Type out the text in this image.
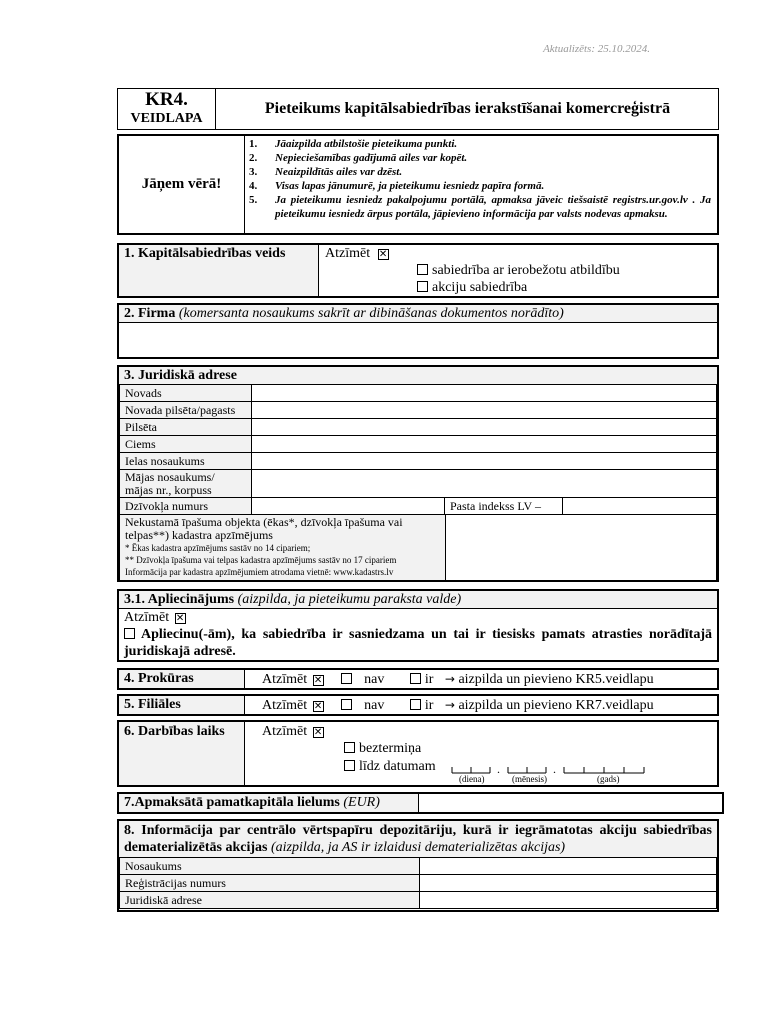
Aktualizēts: 25.10.2024.
KR4.
VEIDLAPA
Pieteikums kapitālsabiedrības ierakstīšanai komercreģistrā
Jāņem vērā!
1.	Jāaizpilda atbilstošie pieteikuma punkti.
2.	Nepieciešamības gadījumā ailes var kopēt.
3.	Neaizpildītās ailes var dzēst.
4.	Visas lapas jānumurē, ja pieteikumu iesniedz papīra formā.
5.	Ja pieteikumu iesniedz pakalpojumu portālā, apmaksa jāveic tiešsaistē registrs.ur.gov.lv . Ja pieteikumu iesniedz ārpus portāla, jāpievieno informācija par valsts nodevas apmaksu.
1. Kapitālsabiedrības veids	Atzīmēt ✕
sabiedrība ar ierobežotu atbildību
akciju sabiedrība
2. Firma (komersanta nosaukums sakrīt ar dibināšanas dokumentos norādīto)
3. Juridiskā adrese
Novads	
Novada pilsēta/pagasts	
Pilsēta	
Ciems	
Ielas nosaukums	
Mājas nosaukums/
mājas nr., korpuss	
Dzīvokļa numurs		Pasta indekss LV –	
Nekustamā īpašuma objekta (ēkas*, dzīvokļa īpašuma vai
telpas**) kadastra apzīmējums
* Ēkas kadastra apzīmējums sastāv no 14 cipariem;
** Dzīvokļa īpašuma vai telpas kadastra apzīmējums sastāv no 17 cipariem
Informācija par kadastra apzīmējumiem atrodama vietnē: www.kadastrs.lv

3.1. Apliecinājums (aizpilda, ja pieteikumu paraksta valde)
Atzīmēt ✕
Apliecinu(-ām), ka sabiedrība ir sasniedzama un tai ir tiesisks pamats atrasties norādītajā juridiskajā adresē.
4. Prokūras	Atzīmēt ✕	nav	ir → aizpilda un pievieno KR5.veidlapu
5. Filiāles	Atzīmēt ✕	nav	ir → aizpilda un pievieno KR7.veidlapu
6. Darbības laiks	Atzīmēt ✕
beztermiņa
līdz datumam	.	.
(diena)	(mēnesis)	(gads)
7.Apmaksātā pamatkapitāla lielums (EUR)
8. Informācija par centrālo vērtspapīru depozitāriju, kurā ir iegrāmatotas akciju sabiedrības dematerializētās akcijas (aizpilda, ja AS ir izlaidusi dematerializētas akcijas)
Nosaukums	
Reģistrācijas numurs	
Juridiskā adrese	
